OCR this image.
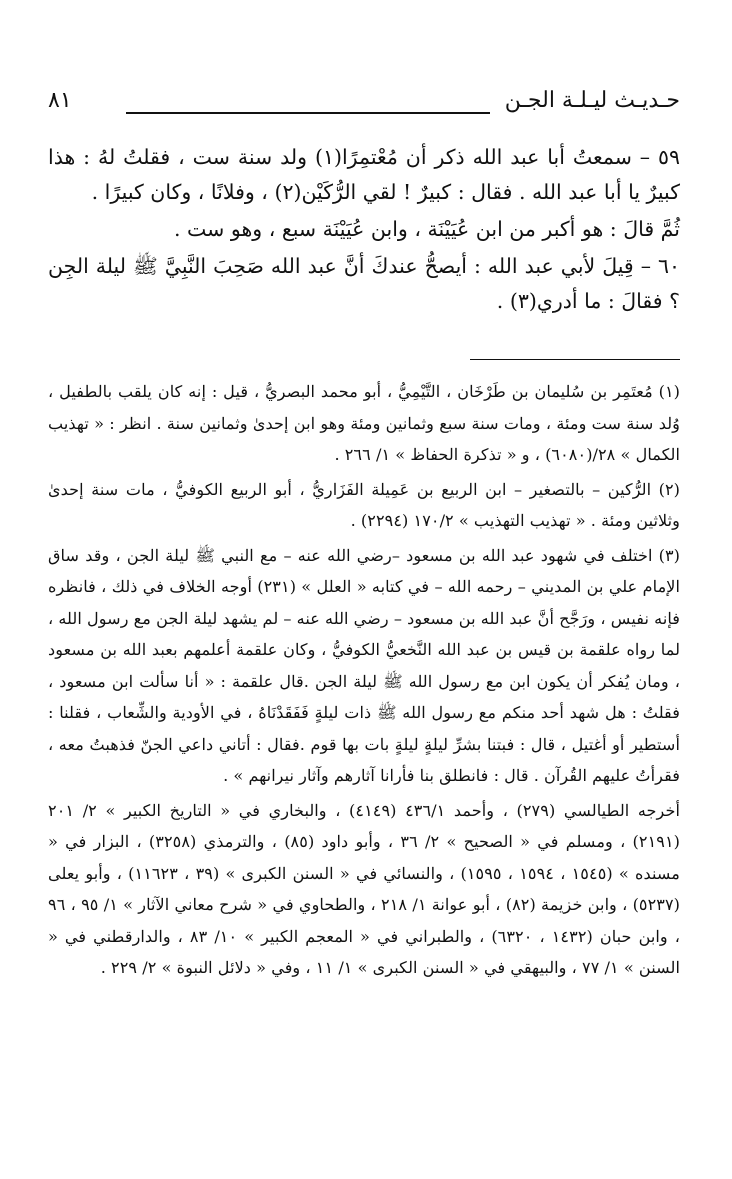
حـديـث ليـلـة الجـن
٨١

٥٩ – سمعتُ أبا عبد الله ذكر أن مُعْتمِرًا(١) ولد سنة ست ، فقلتُ لهُ : هذا كبيرٌ يا أبا عبد الله . فقال : كبيرٌ ! لقي الرُّكَيْن(٢) ، وفلانًا ، وكان كبيرًا .

ثُمَّ قالَ : هو أكبر من ابن عُيَيْنَة ، وابن عُيَيْنَة سبع ، وهو ست .

٦٠ – قِيلَ لأبي عبد الله : أيصحُّ عندكَ أنَّ عبد الله صَحِبَ النَّبِيَّ ﷺ ليلة الجِن ؟ فقالَ : ما أدري(٣) .

(١) مُعتَمِر بن سُليمان بن طَرْخَان ، التَّيْمِيُّ ، أبو محمد البصريُّ ، قيل : إنه كان يلقب بالطفيل ، وُلد سنة ست ومئة ، ومات سنة سبع وثمانين ومئة وهو ابن إحدىٰ وثمانين سنة . انظر : « تهذيب الكمال » ٢٨/(٦٠٨٠) ، و « تذكرة الحفاظ » ١/ ٢٦٦ .

(٢) الرُّكين – بالتصغير – ابن الربيع بن عَمِيلة الفَزَاريُّ ، أبو الربيع الكوفيُّ ، مات سنة إحدىٰ وثلاثين ومئة . « تهذيب التهذيب » ١٧٠/٢ (٢٢٩٤) .

(٣) اختلف في شهود عبد الله بن مسعود –رضي الله عنه – مع النبي ﷺ ليلة الجن ، وقد ساق الإمام علي بن المديني – رحمه الله – في كتابه « العلل » (٢٣١) أوجه الخلاف في ذلك ، فانظره فإنه نفيس ، ورَجَّح أنَّ عبد الله بن مسعود – رضي الله عنه – لم يشهد ليلة الجن مع رسول الله ، لما رواه علقمة بن قيس بن عبد الله النَّخعيُّ الكوفيُّ ، وكان علقمة أعلمهم بعبد الله بن مسعود ، ومان يُفكر أن يكون ابن مع رسول الله ﷺ ليلة الجن .قال علقمة : « أنا سألت ابن مسعود ، فقلتُ : هل شهد أحد منكم مع رسول الله ﷺ ذات ليلةٍ فَفَقَدْنَاهُ ، في الأودية والشِّعاب ، فقلنا : أستطير أو أغتيل ، قال : فبتنا بشرِّ ليلةٍ ليلةٍ بات بها قوم .فقال : أتاني داعي الجنّ فذهبتُ معه ، فقرأتُ عليهم القُرآن . قال : فانطلق بنا فأرانا آثارهم وآثار نيرانهم » .

أخرجه الطيالسي (٢٧٩) ، وأحمد ٤٣٦/١ (٤١٤٩) ، والبخاري في « التاريخ الكبير » ٢/ ٢٠١ (٢١٩١) ، ومسلم في « الصحيح » ٢/ ٣٦ ، وأبو داود (٨٥) ، والترمذي (٣٢٥٨) ، البزار في « مسنده » (١٥٤٥ ، ١٥٩٤ ، ١٥٩٥) ، والنسائي في « السنن الكبرى » (٣٩ ، ١١٦٢٣) ، وأبو يعلى (٥٢٣٧) ، وابن خزيمة (٨٢) ، أبو عوانة ١/ ٢١٨ ، والطحاوي في « شرح معاني الآثار » ١/ ٩٥ ، ٩٦ ، وابن حبان (١٤٣٢ ، ٦٣٢٠) ، والطبراني في « المعجم الكبير » ١٠/ ٨٣ ، والدارقطني في « السنن » ١/ ٧٧ ، والبيهقي في « السنن الكبرى » ١/ ١١ ، وفي « دلائل النبوة » ٢/ ٢٢٩ .
